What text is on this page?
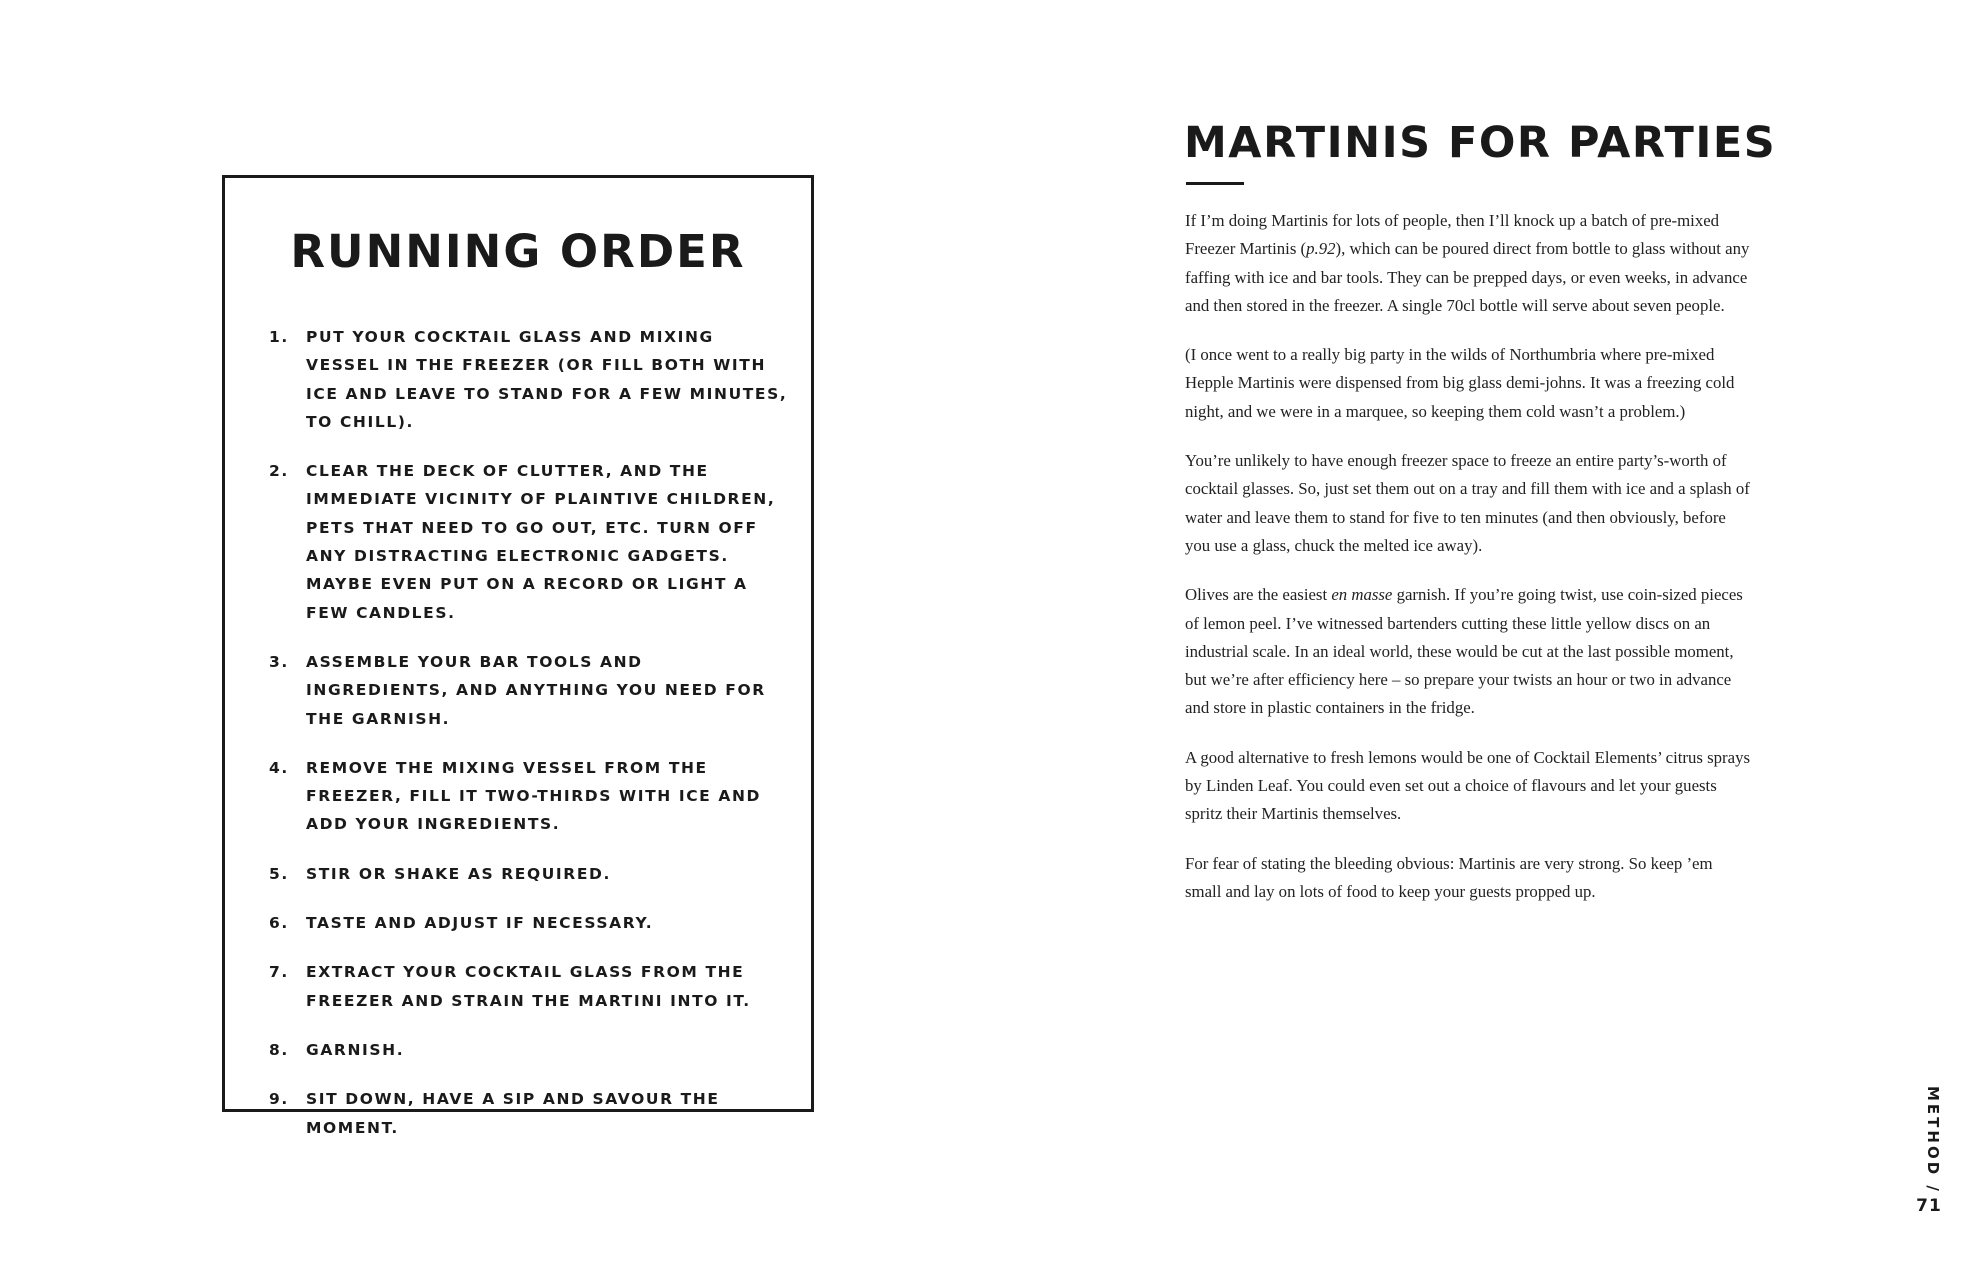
RUNNING ORDER
1.	PUT YOUR COCKTAIL GLASS AND MIXING VESSEL IN THE FREEZER (OR FILL BOTH WITH ICE AND LEAVE TO STAND FOR A FEW MINUTES, TO CHILL).
2.	CLEAR THE DECK OF CLUTTER, AND THE IMMEDIATE VICINITY OF PLAINTIVE CHILDREN, PETS THAT NEED TO GO OUT, ETC. TURN OFF ANY DISTRACTING ELECTRONIC GADGETS. MAYBE EVEN PUT ON A RECORD OR LIGHT A FEW CANDLES.
3.	ASSEMBLE YOUR BAR TOOLS AND INGREDIENTS, AND ANYTHING YOU NEED FOR THE GARNISH.
4.	REMOVE THE MIXING VESSEL FROM THE FREEZER, FILL IT TWO-THIRDS WITH ICE AND ADD YOUR INGREDIENTS.
5.	STIR OR SHAKE AS REQUIRED.
6.	TASTE AND ADJUST IF NECESSARY.
7.	EXTRACT YOUR COCKTAIL GLASS FROM THE FREEZER AND STRAIN THE MARTINI INTO IT.
8.	GARNISH.
9.	SIT DOWN, HAVE A SIP AND SAVOUR THE MOMENT.
MARTINIS FOR PARTIES

If I’m doing Martinis for lots of people, then I’ll knock up a batch of pre-mixed Freezer Martinis (p.92), which can be poured direct from bottle to glass without any faffing with ice and bar tools. They can be prepped days, or even weeks, in advance and then stored in the freezer. A single 70cl bottle will serve about seven people.

(I once went to a really big party in the wilds of Northumbria where pre-mixed Hepple Martinis were dispensed from big glass demi-johns. It was a freezing cold night, and we were in a marquee, so keeping them cold wasn’t a problem.)

You’re unlikely to have enough freezer space to freeze an entire party’s-worth of cocktail glasses. So, just set them out on a tray and fill them with ice and a splash of water and leave them to stand for five to ten minutes (and then obviously, before you use a glass, chuck the melted ice away).

Olives are the easiest en masse garnish. If you’re going twist, use coin-sized pieces of lemon peel. I’ve witnessed bartenders cutting these little yellow discs on an industrial scale. In an ideal world, these would be cut at the last possible moment, but we’re after efficiency here – so prepare your twists an hour or two in advance and store in plastic containers in the fridge.

A good alternative to fresh lemons would be one of Cocktail Elements’ citrus sprays by Linden Leaf. You could even set out a choice of flavours and let your guests spritz their Martinis themselves.

For fear of stating the bleeding obvious: Martinis are very strong. So keep ’em small and lay on lots of food to keep your guests propped up.

METHOD /
71
